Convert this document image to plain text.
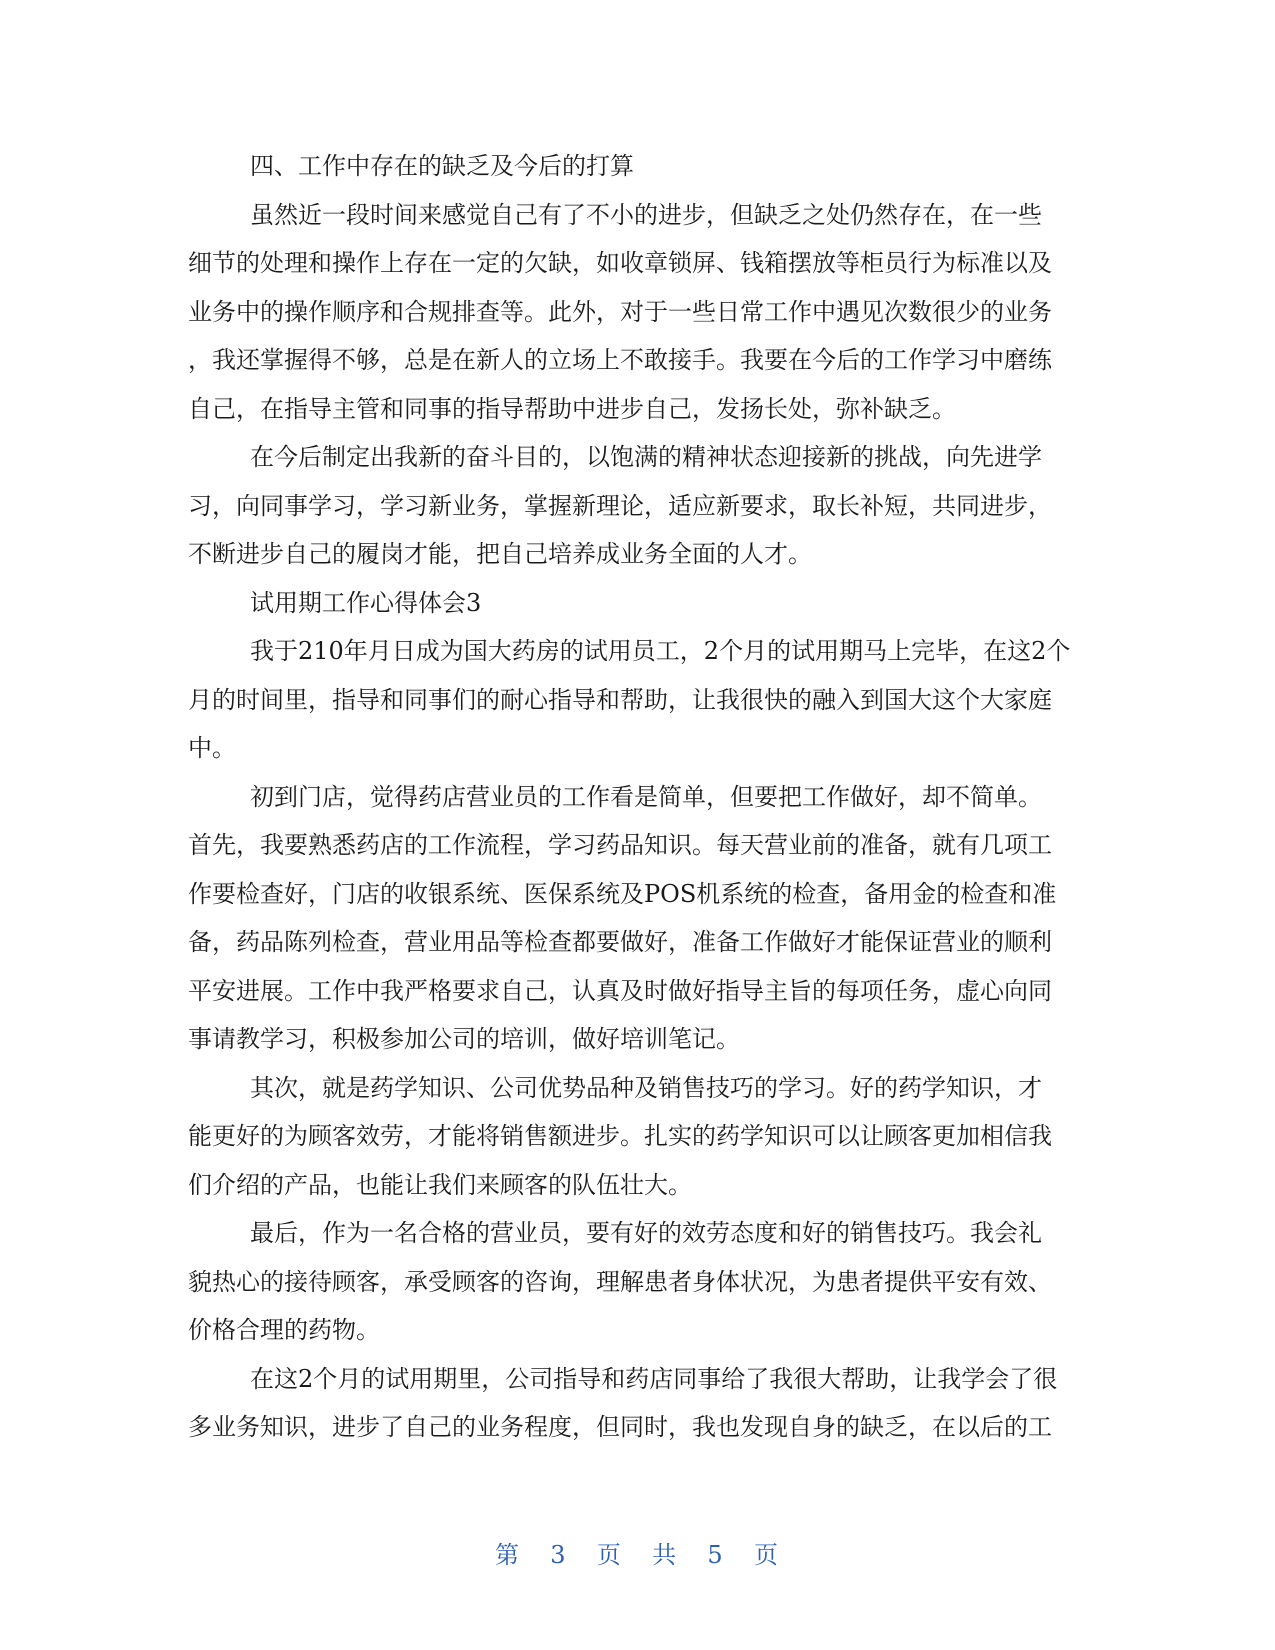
四、工作中存在的缺乏及今后的打算
虽然近一段时间来感觉自己有了不小的进步，但缺乏之处仍然存在，在一些
细节的处理和操作上存在一定的欠缺，如收章锁屏、钱箱摆放等柜员行为标准以及
业务中的操作顺序和合规排查等。此外，对于一些日常工作中遇见次数很少的业务
，我还掌握得不够，总是在新人的立场上不敢接手。我要在今后的工作学习中磨练
自己，在指导主管和同事的指导帮助中进步自己，发扬长处，弥补缺乏。
在今后制定出我新的奋斗目的，以饱满的精神状态迎接新的挑战，向先进学
习，向同事学习，学习新业务，掌握新理论，适应新要求，取长补短，共同进步，
不断进步自己的履岗才能，把自己培养成业务全面的人才。
试用期工作心得体会3
我于210年月日成为国大药房的试用员工，2个月的试用期马上完毕，在这2个
月的时间里，指导和同事们的耐心指导和帮助，让我很快的融入到国大这个大家庭
中。
初到门店，觉得药店营业员的工作看是简单，但要把工作做好，却不简单。
首先，我要熟悉药店的工作流程，学习药品知识。每天营业前的准备，就有几项工
作要检查好，门店的收银系统、医保系统及POS机系统的检查，备用金的检查和准
备，药品陈列检查，营业用品等检查都要做好，准备工作做好才能保证营业的顺利
平安进展。工作中我严格要求自己，认真及时做好指导主旨的每项任务，虚心向同
事请教学习，积极参加公司的培训，做好培训笔记。
其次，就是药学知识、公司优势品种及销售技巧的学习。好的药学知识，才
能更好的为顾客效劳，才能将销售额进步。扎实的药学知识可以让顾客更加相信我
们介绍的产品，也能让我们来顾客的队伍壮大。
最后，作为一名合格的营业员，要有好的效劳态度和好的销售技巧。我会礼
貌热心的接待顾客，承受顾客的咨询，理解患者身体状况，为患者提供平安有效、
价格合理的药物。
在这2个月的试用期里，公司指导和药店同事给了我很大帮助，让我学会了很
多业务知识，进步了自己的业务程度，但同时，我也发现自身的缺乏，在以后的工
第 3 页 共 5 页
